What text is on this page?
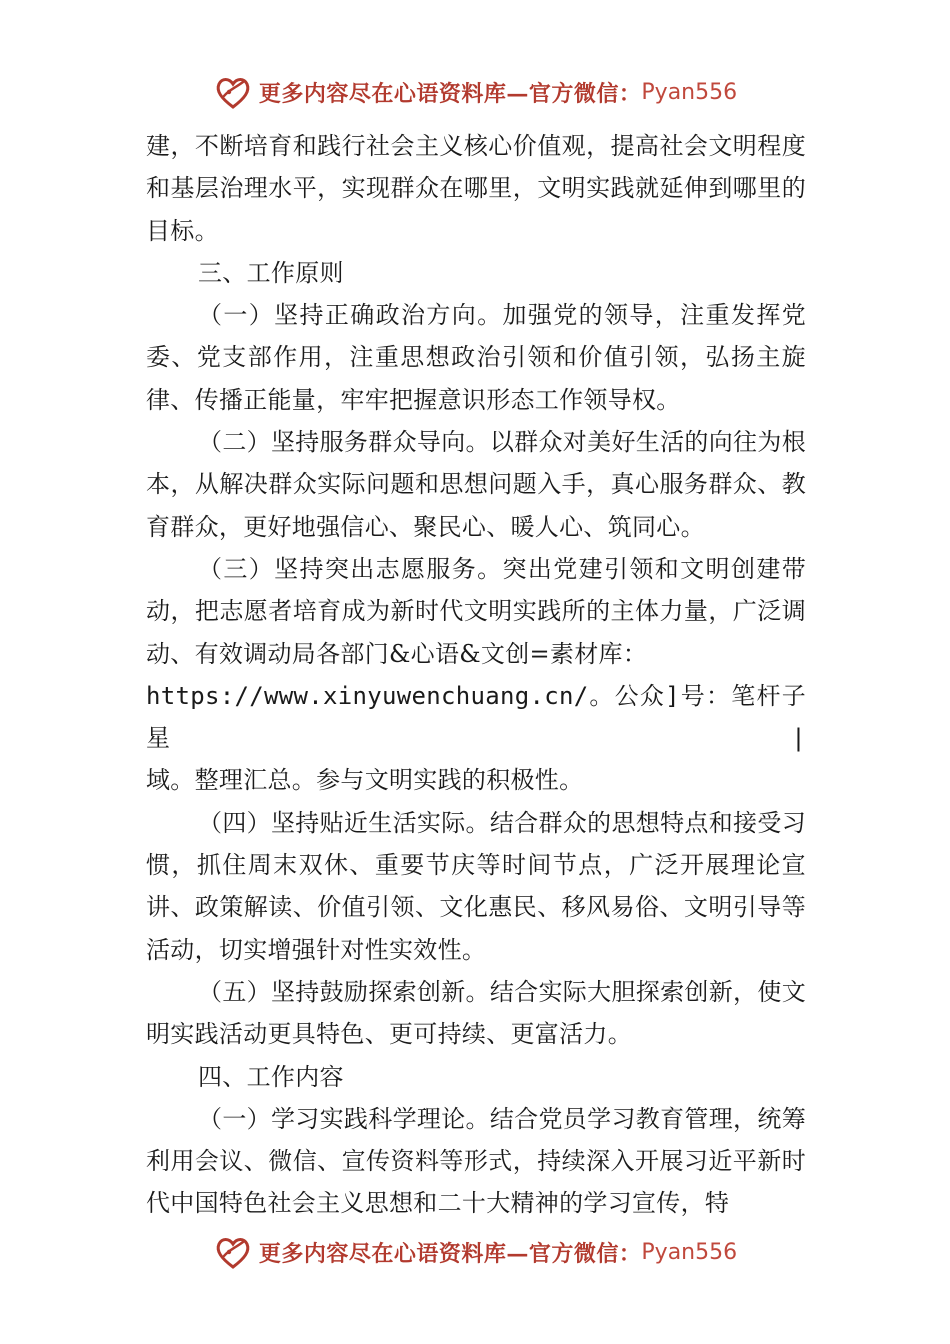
更多内容尽在心语资料库—官方微信： Pyan556

建，不断培育和践行社会主义核心价值观，提高社会文明程度和基层治理水平，实现群众在哪里，文明实践就延伸到哪里的目标。

三、工作原则

（一）坚持正确政治方向。加强党的领导，注重发挥党委、党支部作用，注重思想政治引领和价值引领，弘扬主旋律、传播正能量，牢牢把握意识形态工作领导权。

（二）坚持服务群众导向。以群众对美好生活的向往为根本，从解决群众实际问题和思想问题入手，真心服务群众、教育群众，更好地强信心、聚民心、暖人心、筑同心。

（三）坚持突出志愿服务。突出党建引领和文明创建带动，把志愿者培育成为新时代文明实践所的主体力量，广泛调动、有效调动局各部门&心语&文创=素材库：

https://www.xinyuwenchuang.cn/。公众]号：笔杆子星|

域。整理汇总。参与文明实践的积极性。

（四）坚持贴近生活实际。结合群众的思想特点和接受习惯，抓住周末双休、重要节庆等时间节点，广泛开展理论宣讲、政策解读、价值引领、文化惠民、移风易俗、文明引导等活动，切实增强针对性实效性。

（五）坚持鼓励探索创新。结合实际大胆探索创新，使文明实践活动更具特色、更可持续、更富活力。

四、工作内容

（一）学习实践科学理论。结合党员学习教育管理，统筹利用会议、微信、宣传资料等形式，持续深入开展习近平新时代中国特色社会主义思想和二十大精神的学习宣传，特

更多内容尽在心语资料库—官方微信： Pyan556
